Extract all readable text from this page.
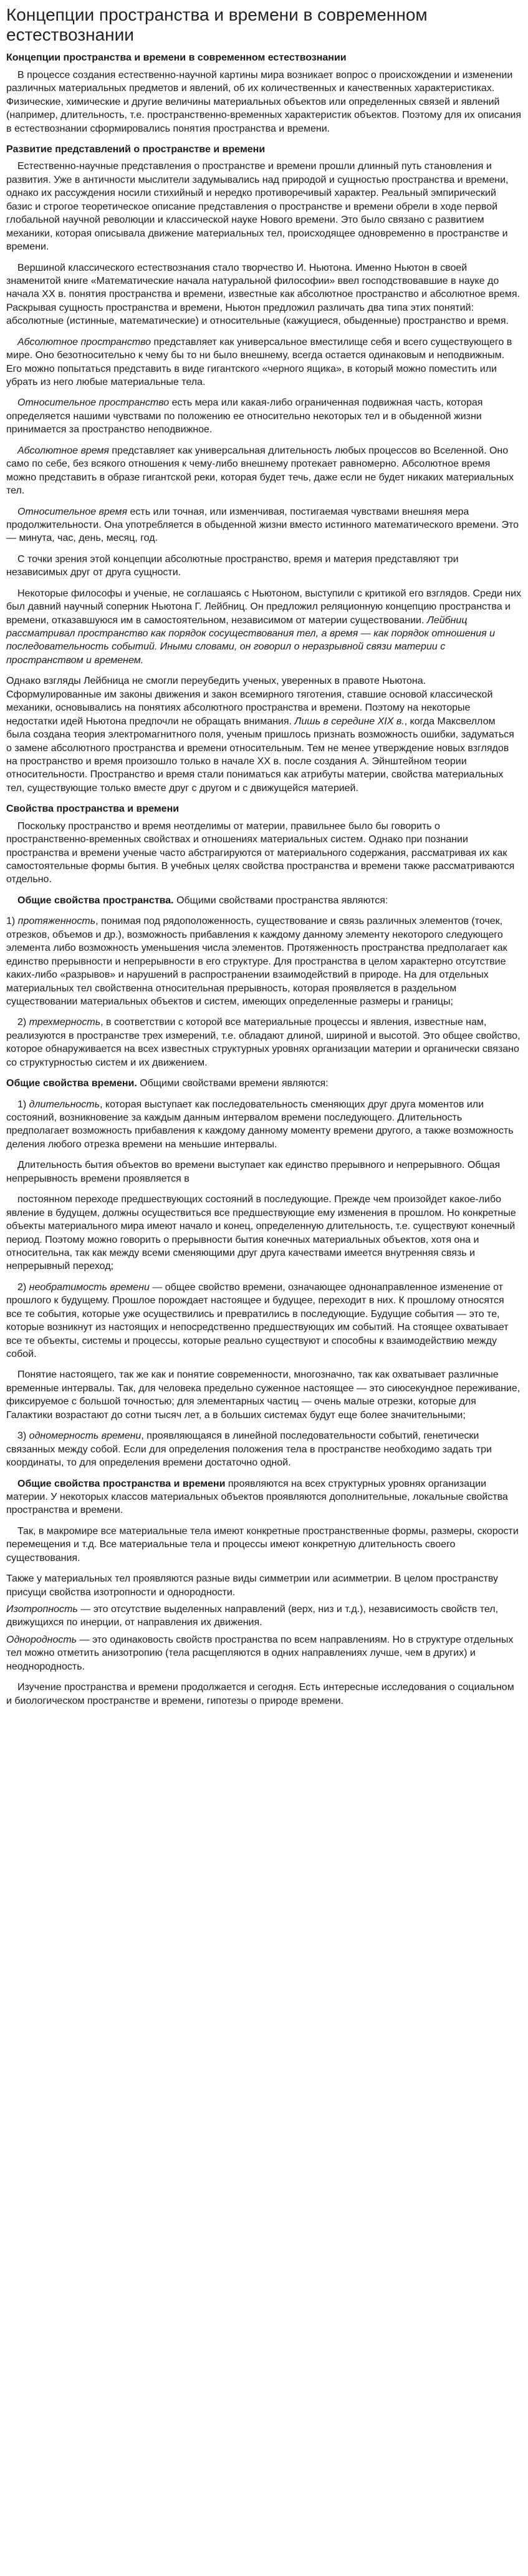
Концепции пространства и времени в современном естествознании
Концепции пространства и времени в современном естествознании

В процессе создания естественно-научной картины мира возникает вопрос о происхождении и изменении различных материальных предметов и явлений, об их количественных и качественных характеристиках. Физические, химические и другие величины материальных объектов или определенных связей и явлений (например, длительность, т.е. пространственно-временных характеристик объектов. Поэтому для их описания в естествознании сформировались понятия пространства и времени.

Развитие представлений о пространстве и времени

Естественно-научные представления о пространстве и времени прошли длинный путь становления и развития. Уже в античности мыслители задумывались над природой и сущностью пространства и времени, однако их рассуждения носили стихийный и нередко противоречивый характер. Реальный эмпирический базис и строгое теоретическое описание представления о пространстве и времени обрели в ходе первой глобальной научной революции и классической науке Нового времени. Это было связано с развитием механики, которая описывала движение материальных тел, происходящее одновременно в пространстве и времени.

Вершиной классического естествознания стало творчество И. Ньютона. Именно Ньютон в своей знаменитой книге «Математические начала натуральной философии» ввел господствовавшие в науке до начала XX в. понятия пространства и времени, известные как абсолютное пространство и абсолютное время. Раскрывая сущность пространства и времени, Ньютон предложил различать два типа этих понятий: абсолютные (истинные, математические) и относительные (кажущиеся, обыденные) пространство и время.

Абсолютное пространство представляет как универсальное вместилище себя и всего существующего в мире. Оно безотносительно к чему бы то ни было внешнему, всегда остается одинаковым и неподвижным. Его можно попытаться представить в виде гигантского «черного ящика», в который можно поместить или убрать из него любые материальные тела.

Относительное пространство есть мера или какая-либо ограниченная подвижная часть, которая определяется нашими чувствами по положению ее относительно некоторых тел и в обыденной жизни принимается за пространство неподвижное.

Абсолютное время представляет как универсальная длительность любых процессов во Вселенной. Оно само по себе, без всякого отношения к чему-либо внешнему протекает равномерно. Абсолютное время можно представить в образе гигантской реки, которая будет течь, даже если не будет никаких материальных тел.

Относительное время есть или точная, или изменчивая, постигаемая чувствами внешняя мера продолжительности. Она употребляется в обыденной жизни вместо истинного математического времени. Это — минута, час, день, месяц, год.

С точки зрения этой концепции абсолютные пространство, время и материя представляют три независимых друг от друга сущности.

Некоторые философы и ученые, не соглашаясь с Ньютоном, выступили с критикой его взглядов. Среди них был давний научный соперник Ньютона Г. Лейбниц. Он предложил реляционную концепцию пространства и времени, отказавшуюся им в самостоятельном, независимом от материи существовании. Лейбниц рассматривал пространство как порядок сосуществования тел, а время — как порядок отношения и последовательность событий. Иными словами, он говорил о неразрывной связи материи с пространством и временем.

Однако взгляды Лейбница не смогли переубедить ученых, уверенных в правоте Ньютона. Сформулированные им законы движения и закон всемирного тяготения, ставшие основой классической механики, основывались на понятиях абсолютного пространства и времени. Поэтому на некоторые недостатки идей Ньютона предпочли не обращать внимания. Лишь в середине XIX в., когда Максвеллом была создана теория электромагнитного поля, ученым пришлось признать возможность ошибки, задуматься о замене абсолютного пространства и времени относительным. Тем не менее утверждение новых взглядов на пространство и время произошло только в начале XX в. после создания А. Эйнштейном теории относительности. Пространство и время стали пониматься как атрибуты материи, свойства материальных тел, существующие только вместе друг с другом и с движущейся материей.

Свойства пространства и времени

Поскольку пространство и время неотделимы от материи, правильнее было бы говорить о пространственно-временных свойствах и отношениях материальных систем. Однако при познании пространства и времени ученые часто абстрагируются от материального содержания, рассматривая их как самостоятельные формы бытия. В учебных целях свойства пространства и времени также рассматриваются отдельно.

Общие свойства пространства. Общими свойствами пространства являются:

1) протяженность, понимая под рядоположенность, существование и связь различных элементов (точек, отрезков, объемов и др.), возможность прибавления к каждому данному элементу некоторого следующего элемента либо возможность уменьшения числа элементов. Протяженность пространства предполагает как единство прерывности и непрерывности в его структуре. Для пространства в целом характерно отсутствие каких-либо «разрывов» и нарушений в распространении взаимодействий в природе. На для отдельных материальных тел свойственна относительная прерывность, которая проявляется в раздельном существовании материальных объектов и систем, имеющих определенные размеры и границы;

2) трехмерность, в соответствии с которой все материальные процессы и явления, известные нам, реализуются в пространстве трех измерений, т.е. обладают длиной, шириной и высотой. Это общее свойство, которое обнаруживается на всех известных структурных уровнях организации материи и органически связано со структурностью систем и их движением.

Общие свойства времени. Общими свойствами времени являются:

1) длительность, которая выступает как последовательность сменяющих друг друга моментов или состояний, возникновение за каждым данным интервалом времени последующего. Длительность предполагает возможность прибавления к каждому данному моменту времени другого, а также возможность деления любого отрезка времени на меньшие интервалы.

Длительность бытия объектов во времени выступает как единство прерывного и непрерывного. Общая непрерывность времени проявляется в

постоянном переходе предшествующих состояний в последующие. Прежде чем произойдет какое-либо явление в будущем, должны осуществиться все предшествующие ему изменения в прошлом. Но конкретные объекты материального мира имеют начало и конец, определенную длительность, т.е. существуют конечный период. Поэтому можно говорить о прерывности бытия конечных материальных объектов, хотя она и относительна, так как между всеми сменяющими друг друга качествами имеется внутренняя связь и непрерывный переход;

2) необратимость времени — общее свойство времени, означающее однонаправленное изменение от прошлого к будущему. Прошлое порождает настоящее и будущее, переходит в них. К прошлому относятся все те события, которые уже осуществились и превратились в последующие. Будущие события — это те, которые возникнут из настоящих и непосредственно предшествующих им событий. На стоящее охватывает все те объекты, системы и процессы, которые реально существуют и способны к взаимодействию между собой.

Понятие настоящего, так же как и понятие современности, многозначно, так как охватывает различные временные интервалы. Так, для человека предельно суженное настоящее — это сиюсекундное переживание, фиксируемое с большой точностью; для элементарных частиц — очень малые отрезки, которые для Галактики возрастают до сотни тысяч лет, а в больших системах будут еще более значительными;

3) одномерность времени, проявляющаяся в линейной последовательности событий, генетически связанных между собой. Если для определения положения тела в пространстве необходимо задать три координаты, то для определения времени достаточно одной.

Общие свойства пространства и времени проявляются на всех структурных уровнях организации материи. У некоторых классов материальных объектов проявляются дополнительные, локальные свойства пространства и времени.

Так, в макромире все материальные тела имеют конкретные пространственные формы, размеры, скорости перемещения и т.д. Все материальные тела и процессы имеют конкретную длительность своего существования.

Также у материальных тел проявляются разные виды симметрии или асимметрии. В целом пространству присущи свойства изотропности и однородности.

Изотропность — это отсутствие выделенных направлений (верх, низ и т.д.), независимость свойств тел, движущихся по инерции, от направления их движения.

Однородность — это одинаковость свойств пространства по всем направлениям. Но в структуре отдельных тел можно отметить анизотропию (тела расщепляются в одних направлениях лучше, чем в других) и неоднородность.

Изучение пространства и времени продолжается и сегодня. Есть интересные исследования о социальном и биологическом пространстве и времени, гипотезы о природе времени.
